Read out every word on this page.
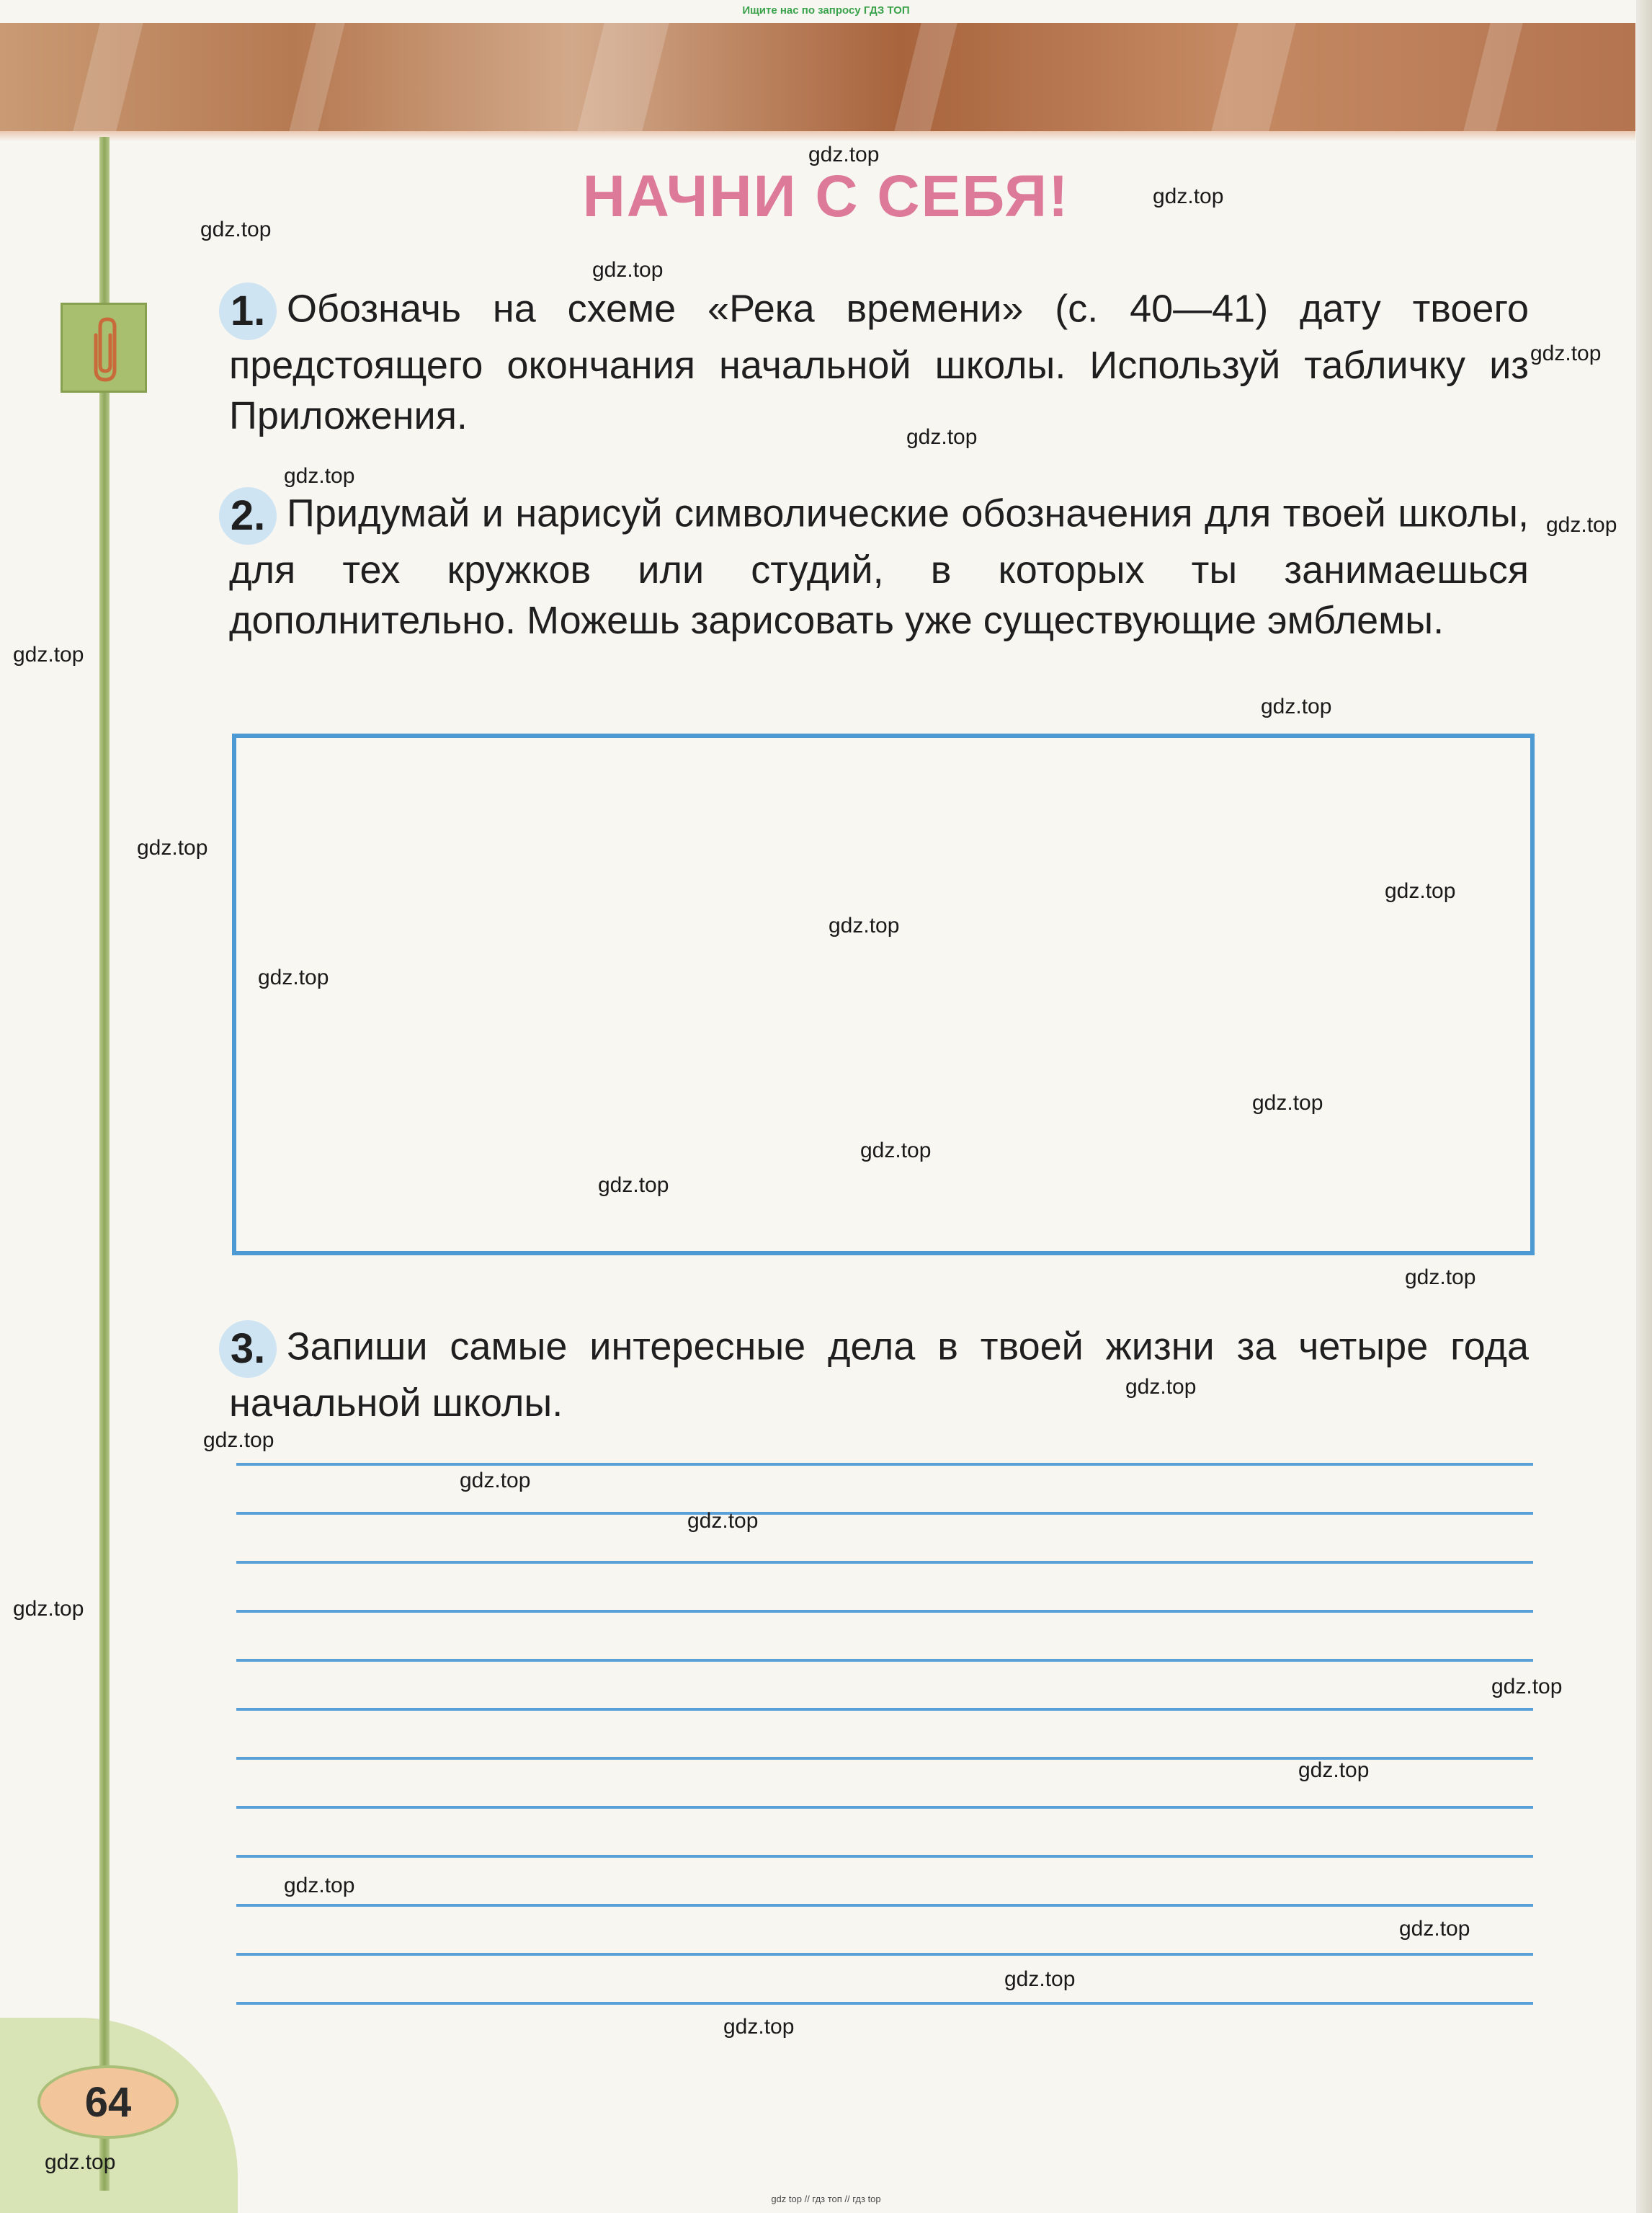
Ищите нас по запросу ГДЗ ТОП
НАЧНИ С СЕБЯ!
1. Обозначь на схеме «Река времени» (с. 40—41) дату твоего предстоящего окончания начальной школы. Используй табличку из Приложения.
2. Придумай и нарисуй символические обозначения для твоей школы, для тех кружков или студий, в которых ты занимаешься дополнительно. Можешь зарисовать уже существующие эмблемы.
3. Запиши самые интересные дела в твоей жизни за четыре года начальной школы.
64
gdz.top
gdz.top
gdz.top
gdz.top
gdz.top
gdz.top
gdz.top
gdz.top
gdz.top
gdz.top
gdz.top
gdz.top
gdz.top
gdz.top
gdz.top
gdz.top
gdz.top
gdz.top
gdz.top
gdz.top
gdz.top
gdz.top
gdz.top
gdz.top
gdz.top
gdz.top
gdz.top
gdz.top
gdz.top
gdz.top
gdz top // гдз топ // гдз top
